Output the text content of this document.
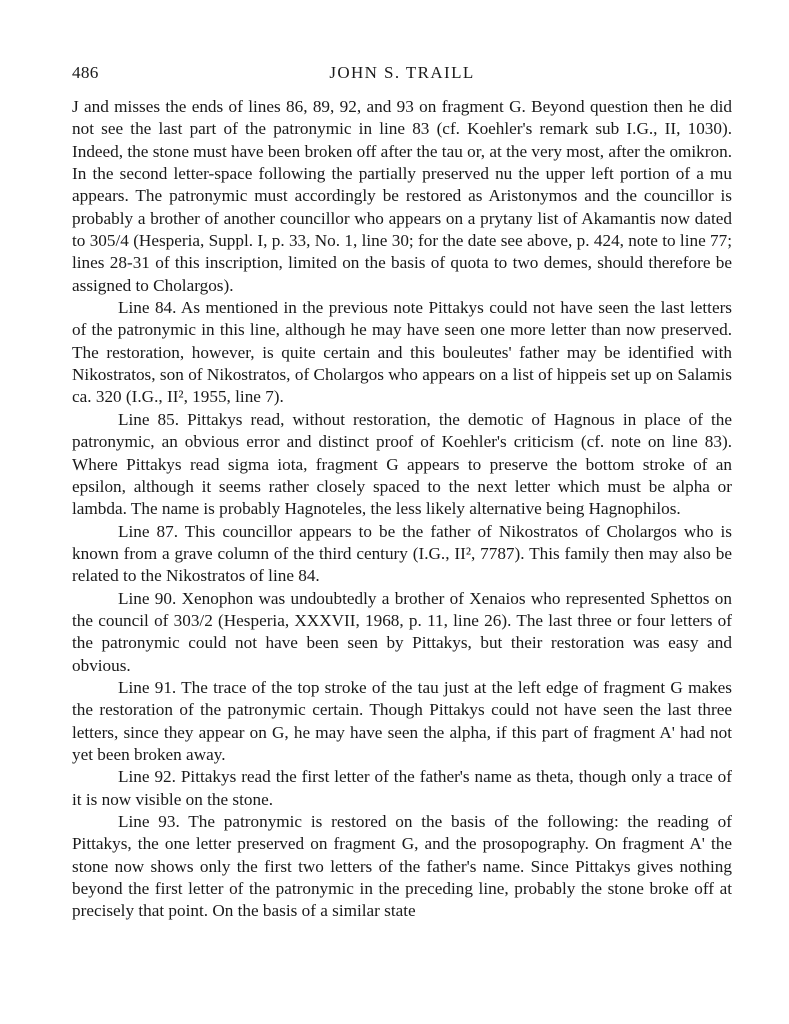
486	JOHN S. TRAILL

J and misses the ends of lines 86, 89, 92, and 93 on fragment G. Beyond question then he did not see the last part of the patronymic in line 83 (cf. Koehler's remark sub I.G., II, 1030). Indeed, the stone must have been broken off after the tau or, at the very most, after the omikron. In the second letter-space following the partially preserved nu the upper left portion of a mu appears. The patronymic must accordingly be restored as Aristonymos and the councillor is probably a brother of another councillor who appears on a prytany list of Akamantis now dated to 305/4 (Hesperia, Suppl. I, p. 33, No. 1, line 30; for the date see above, p. 424, note to line 77; lines 28-31 of this inscription, limited on the basis of quota to two demes, should therefore be assigned to Cholargos).

Line 84. As mentioned in the previous note Pittakys could not have seen the last letters of the patronymic in this line, although he may have seen one more letter than now preserved. The restoration, however, is quite certain and this bouleutes' father may be identified with Nikostratos, son of Nikostratos, of Cholargos who appears on a list of hippeis set up on Salamis ca. 320 (I.G., II², 1955, line 7).

Line 85. Pittakys read, without restoration, the demotic of Hagnous in place of the patronymic, an obvious error and distinct proof of Koehler's criticism (cf. note on line 83). Where Pittakys read sigma iota, fragment G appears to preserve the bottom stroke of an epsilon, although it seems rather closely spaced to the next letter which must be alpha or lambda. The name is probably Hagnoteles, the less likely alternative being Hagnophilos.

Line 87. This councillor appears to be the father of Nikostratos of Cholargos who is known from a grave column of the third century (I.G., II², 7787). This family then may also be related to the Nikostratos of line 84.

Line 90. Xenophon was undoubtedly a brother of Xenaios who represented Sphettos on the council of 303/2 (Hesperia, XXXVII, 1968, p. 11, line 26). The last three or four letters of the patronymic could not have been seen by Pittakys, but their restoration was easy and obvious.

Line 91. The trace of the top stroke of the tau just at the left edge of fragment G makes the restoration of the patronymic certain. Though Pittakys could not have seen the last three letters, since they appear on G, he may have seen the alpha, if this part of fragment A' had not yet been broken away.

Line 92. Pittakys read the first letter of the father's name as theta, though only a trace of it is now visible on the stone.

Line 93. The patronymic is restored on the basis of the following: the reading of Pittakys, the one letter preserved on fragment G, and the prosopography. On fragment A' the stone now shows only the first two letters of the father's name. Since Pittakys gives nothing beyond the first letter of the patronymic in the preceding line, probably the stone broke off at precisely that point. On the basis of a similar state
